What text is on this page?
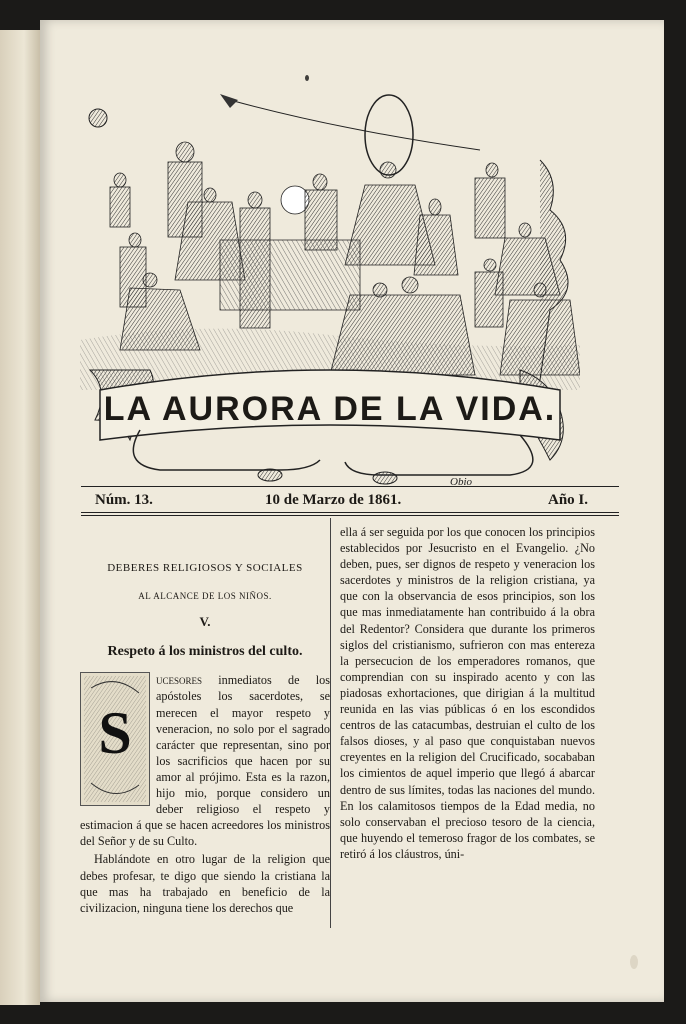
LA AURORA DE LA VIDA.
Obio
Núm. 13.	10 de Marzo de 1861.	Año I.
DEBERES RELIGIOSOS Y SOCIALES
AL ALCANCE DE LOS NIÑOS.
V.
Respeto á los ministros del culto.

S
ucesores inmediatos de los apóstoles los sacerdotes, se merecen el mayor respeto y veneracion, no solo por el sagrado carácter que representan, sino por los sacrificios que hacen por su amor al prójimo. Esta es la razon, hijo mio, porque considero un deber religioso el respeto y estimacion á que se hacen acreedores los ministros del Señor y de su Culto.

Hablándote en otro lugar de la religion que debes profesar, te digo que siendo la cristiana la que mas ha trabajado en beneficio de la civilizacion, ninguna tiene los derechos que

ella á ser seguida por los que conocen los principios establecidos por Jesucristo en el Evangelio. ¿No deben, pues, ser dignos de respeto y veneracion los sacerdotes y ministros de la religion cristiana, ya que con la observancia de esos principios, son los que mas inmediatamente han contribuido á la obra del Redentor? Considera que durante los primeros siglos del cristianismo, sufrieron con mas entereza la persecucion de los emperadores romanos, que comprendian con su inspirado acento y con las piadosas exhortaciones, que dirigian á la multitud reunida en las vias públicas ó en los escondidos centros de las catacumbas, destruian el culto de los falsos dioses, y al paso que conquistaban nuevos creyentes en la religion del Crucificado, socababan los cimientos de aquel imperio que llegó á abarcar dentro de sus límites, todas las naciones del mundo. En los calamitosos tiempos de la Edad media, no solo conservaban el precioso tesoro de la ciencia, que huyendo el temeroso fragor de los combates, se retiró á los cláustros, úni-
